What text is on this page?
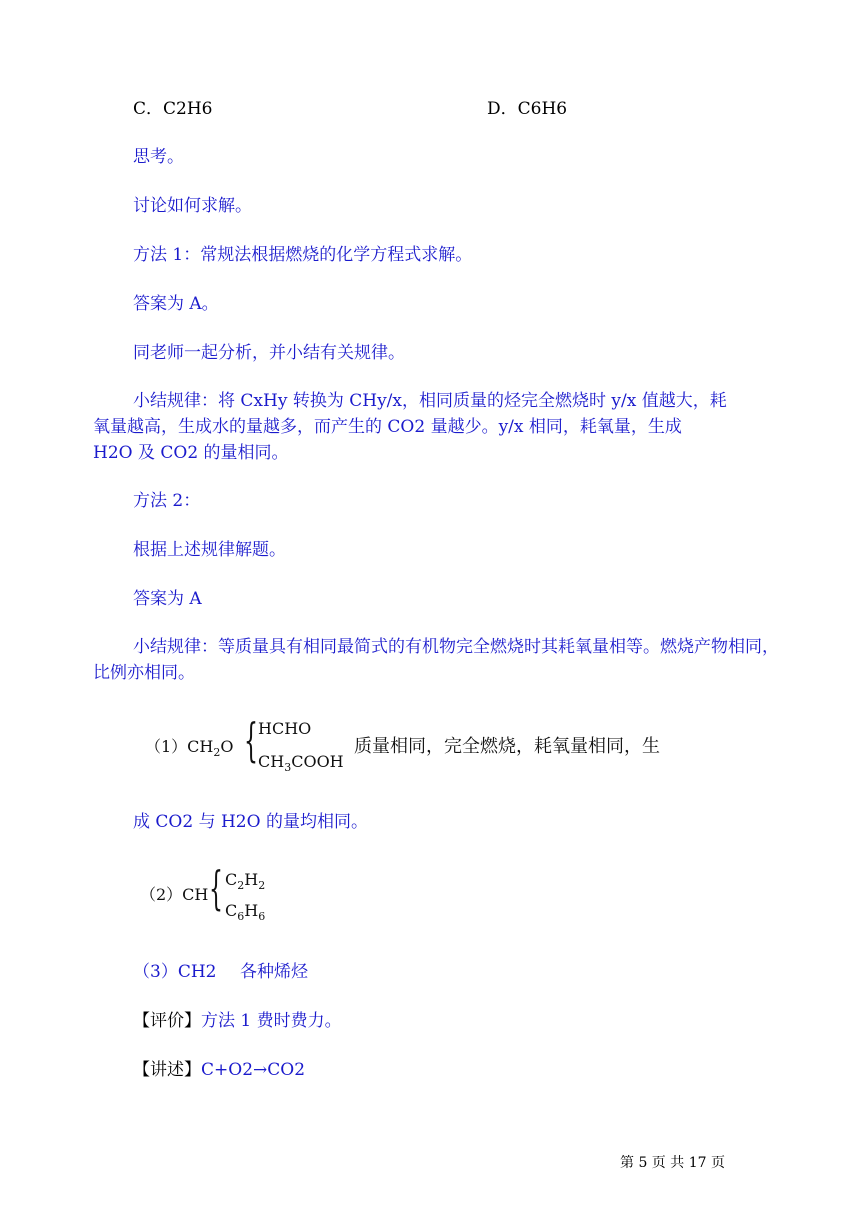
C．C2H6	D．C6H6
思考。
讨论如何求解。
方法 1：常规法根据燃烧的化学方程式求解。
答案为 A。
同老师一起分析，并小结有关规律。
小结规律：将 CxHy 转换为 CHy/x，相同质量的烃完全燃烧时 y/x 值越大，耗
氧量越高，生成水的量越多，而产生的 CO2 量越少。y/x 相同，耗氧量，生成
H2O 及 CO2 的量相同。
方法 2：
根据上述规律解题。
答案为 A
小结规律：等质量具有相同最简式的有机物完全燃烧时其耗氧量相等。燃烧产物相同，
比例亦相同。
$(1)CH_2O$ { HCHO
$CH_3COOH$
质量相同，完全燃烧，耗氧量相同，生
成 CO2 与 H2O 的量均相同。
（2）CH { $C_2H_2$
$C_6H_6$
（3）CH2 各种烯烃
【评价】方法 1 费时费力。
【讲述】C+O2→CO2
第 5 页 共 17 页
